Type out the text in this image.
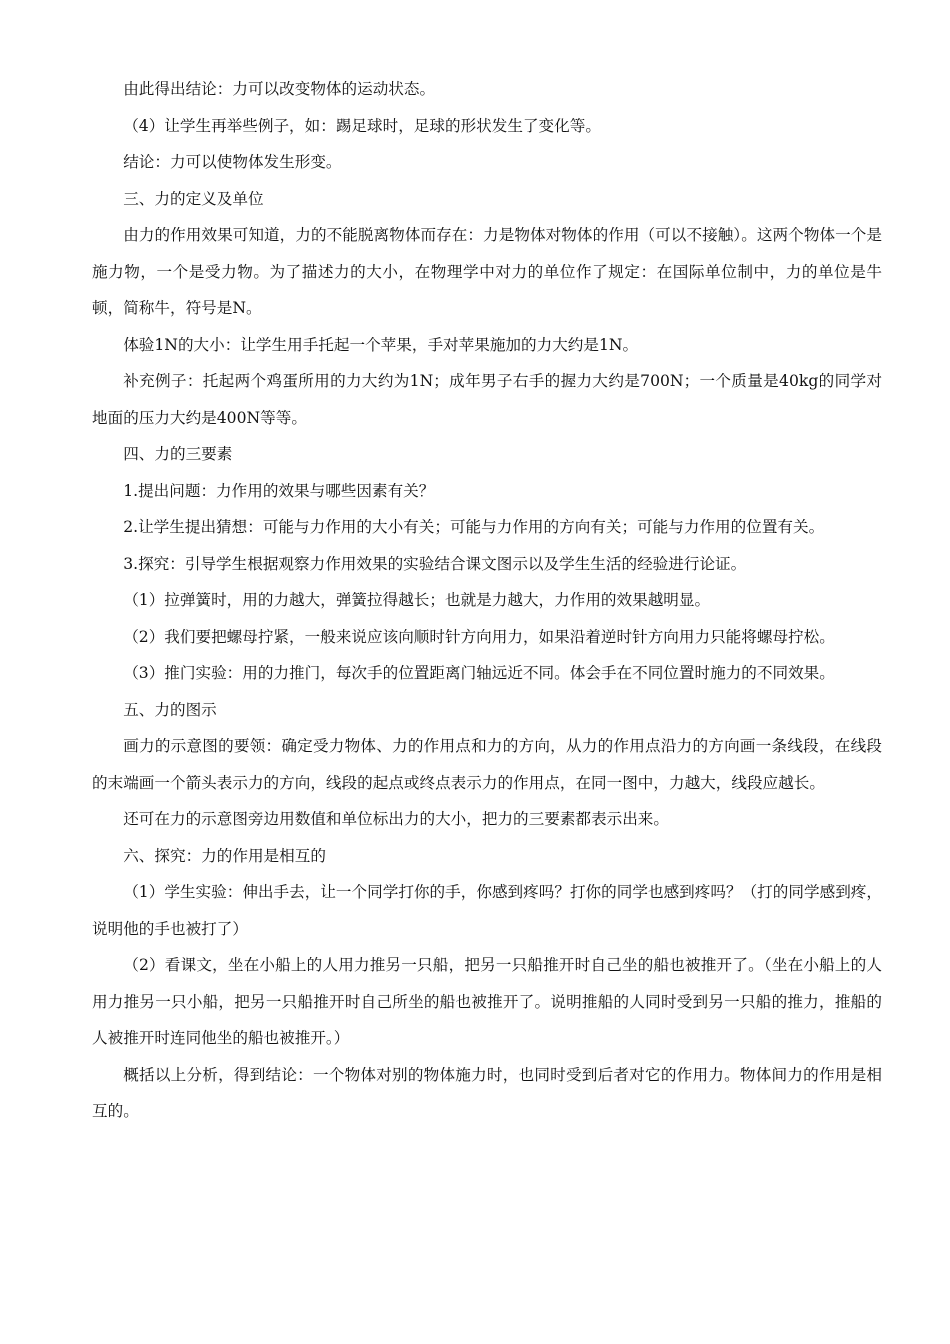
由此得出结论：力可以改变物体的运动状态。

（4）让学生再举些例子，如：踢足球时，足球的形状发生了变化等。

结论：力可以使物体发生形变。

三、力的定义及单位

由力的作用效果可知道，力的不能脱离物体而存在：力是物体对物体的作用（可以不接触）。这两个物体一个是施力物，一个是受力物。为了描述力的大小，在物理学中对力的单位作了规定：在国际单位制中，力的单位是牛顿，简称牛，符号是N。

体验1N的大小：让学生用手托起一个苹果，手对苹果施加的力大约是1N。

补充例子：托起两个鸡蛋所用的力大约为1N；成年男子右手的握力大约是700N；一个质量是40kg的同学对地面的压力大约是400N等等。

四、力的三要素

1.提出问题：力作用的效果与哪些因素有关？

2.让学生提出猜想：可能与力作用的大小有关；可能与力作用的方向有关；可能与力作用的位置有关。

3.探究：引导学生根据观察力作用效果的实验结合课文图示以及学生生活的经验进行论证。

（1）拉弹簧时，用的力越大，弹簧拉得越长；也就是力越大，力作用的效果越明显。

（2）我们要把螺母拧紧，一般来说应该向顺时针方向用力，如果沿着逆时针方向用力只能将螺母拧松。

（3）推门实验：用的力推门，每次手的位置距离门轴远近不同。体会手在不同位置时施力的不同效果。

五、力的图示

画力的示意图的要领：确定受力物体、力的作用点和力的方向，从力的作用点沿力的方向画一条线段，在线段的末端画一个箭头表示力的方向，线段的起点或终点表示力的作用点，在同一图中，力越大，线段应越长。

还可在力的示意图旁边用数值和单位标出力的大小，把力的三要素都表示出来。

六、探究：力的作用是相互的

（1）学生实验：伸出手去，让一个同学打你的手，你感到疼吗？打你的同学也感到疼吗？（打的同学感到疼，说明他的手也被打了）

（2）看课文，坐在小船上的人用力推另一只船，把另一只船推开时自己坐的船也被推开了。（坐在小船上的人用力推另一只小船，把另一只船推开时自己所坐的船也被推开了。说明推船的人同时受到另一只船的推力，推船的人被推开时连同他坐的船也被推开。）

概括以上分析，得到结论：一个物体对别的物体施力时，也同时受到后者对它的作用力。物体间力的作用是相互的。
